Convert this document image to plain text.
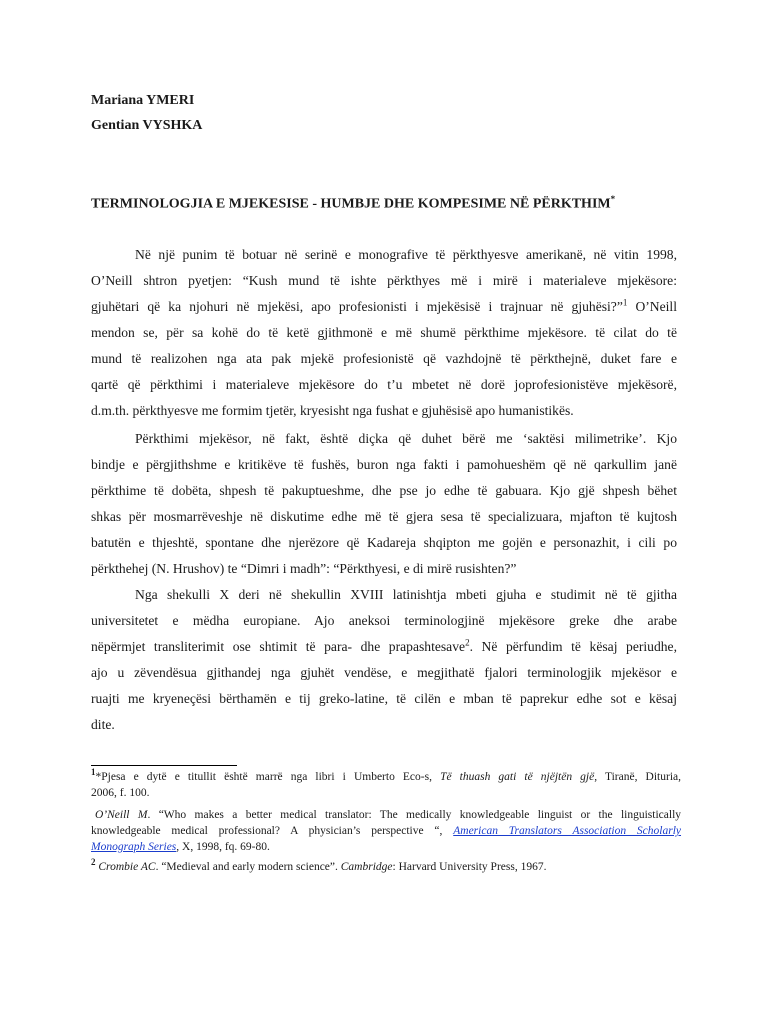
Mariana YMERI
Gentian VYSHKA
TERMINOLOGJIA E MJEKESISE - HUMBJE DHE KOMPESIME NË PËRKTHIM*
Në një punim të botuar në serinë e monografive të përkthyesve amerikanë, në vitin 1998,
O’Neill shtron pyetjen: “Kush mund të ishte përkthyes më i mirë i materialeve mjekësore:
gjuhëtari që ka njohuri në mjekësi, apo profesionisti i mjekësisë i trajnuar në gjuhësi?”$^1$ O’Neill
mendon se, për sa kohë do të ketë gjithmonë e më shumë përkthime mjekësore. të cilat do të
mund të realizohen nga ata pak mjekë profesionistë që vazhdojnë të përkthejnë, duket fare e
qartë që përkthimi i materialeve mjekësore do t’u mbetet në dorë joprofesionistëve mjekësorë,
d.m.th. përkthyesve me formim tjetër, kryesisht nga fushat e gjuhësisë apo humanistikës.
Përkthimi mjekësor, në fakt, është diçka që duhet bërë me ‘saktësi milimetrike’. Kjo
bindje e përgjithshme e kritikëve të fushës, buron nga fakti i pamohueshëm që në qarkullim janë
përkthime të dobëta, shpesh të pakuptueshme, dhe pse jo edhe të gabuara. Kjo gjë shpesh bëhet
shkas për mosmarrëveshje në diskutime edhe më të gjera sesa të specializuara, mjafton të kujtosh
batutën e thjeshtë, spontane dhe njerëzore që Kadareja shqipton me gojën e personazhit, i cili po
përkthehej (N. Hrushov) te “Dimri i madh”: “Përkthyesi, e di mirë rusishten?”
Nga shekulli X deri në shekullin XVIII latinishtja mbeti gjuha e studimit në të gjitha
universitetet e mëdha europiane. Ajo aneksoi terminologjinë mjekësore greke dhe arabe
nëpërmjet transliterimit ose shtimit të para- dhe prapashtesave$^2$. Në përfundim të kësaj periudhe,
ajo u zëvendësua gjithandej nga gjuhët vendëse, e megjithatë fjalori terminologjik mjekësor e
ruajti me kryeneçësi bërthamën e tij greko-latine, të cilën e mban të paprekur edhe sot e kësaj
dite.
$^1$*Pjesa e dytë e titullit është marrë nga libri i Umberto Eco-s, Të thuash gati të njëjtën gjë, Tiranë, Dituria,
2006, f. 100.
O’Neill M. “Who makes a better medical translator: The medically knowledgeable linguist or the linguistically
knowledgeable medical professional? A physician’s perspective “, American Translators Association Scholarly
Monograph Series, X, 1998, fq. 69-80.
$^2$ Crombie AC. “Medieval and early modern science”. Cambridge: Harvard University Press, 1967.
